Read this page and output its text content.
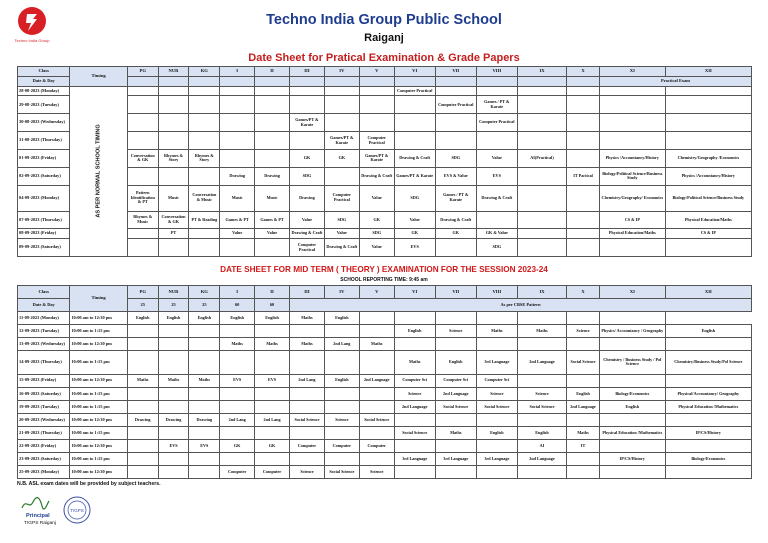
Techno India Group
Techno India Group Public School
Raiganj
Date Sheet for Pratical Examination & Grade Papers
Class	Timing	PG	NUR	KG	I	II	III	IV	V	VI	VII	VIII	IX	X	XI	XII
Date & Day															Practical Exam	
28-08-2023 (Monday)	AS PER NORMAL SCHOOL TIMING									Computer Practical						
29-08-2023 (Tuesday)											Computer Practical	Games / PT & Karate				
30-08-2023 (Wednesday)							Games/PT & Karate					Computer Practical				
31-08-2023 (Thursday)								Games/PT & Karate	Computer Practical							
01-09-2023 (Friday)		Conversation & GK	Rhymes & Story	Rhymes & Story			GK	GK	Games/PT & Karate	Drawing & Craft	SDG	Value	AI(Practical)		Physics /Accountancy/History	Chemistry/Geography /Economics
02-09-2023 (Saturday)					Drawing	Drawing	SDG		Drawing & Craft	Games/PT & Karate	EVS & Value	EVS		IT Pactical	Biology/Political Science/Business Study	Physics /Accountancy/History
04-09-2023 (Monday)		Pattern Identification & PT	Music	Conversation & Music	Music	Music	Drawing	Computer Practical	Value	SDG	Games / PT & Karate	Drawing & Craft			Chemistry/Geography/ Economics	Biology/Political Science/Business Study
07-09-2023 (Thursday)		Rhymes & Music	Conversation & GK	PT & Reading	Games & PT	Games & PT	Value	SDG	GK	Value	Drawing & Craft				CS & IP	Physical Education/Maths
08-09-2023 (Friday)			PT		Value	Value	Drawing & Craft	Value	SDG	GK	GK	GK & Value			Physical Education/Maths	CS & IP
09-09-2023 (Saturday)							Computer Practical	Drawing & Craft	Value	EVS		SDG				
DATE SHEET FOR MID TERM ( THEORY ) EXAMINATION FOR THE SESSION 2023-24
SCHOOL REPORTING TIME: 9:45 am
Class	Timing	PG	NUR	KG	I	II	III	IV	V	VI	VII	VIII	IX	X	XI	XII
Date & Day		25	25	25	60	60	As per CBSE Pattern									
11-09-2023 (Monday)	10:00 am to 12:30 pm	English	English	English	English	English	Maths	English								
12-09-2023 (Tuesday)	10:00 am to 1:15 pm									English	Science	Maths	Maths	Science	Physics/ Accountancy / Geography	English
13-09-2023 (Wednesday)	10:00 am to 12:30 pm				Maths	Maths	Maths	2nd Lang	Maths							
14-09-2023 (Thursday)	10:00 am to 1:15 pm									Maths	English	3rd Language	2nd Language	Social Science	Chemistry / Business Study / Pol Science	Chemistry/Business Study/Pol Science
15-09-2023 (Friday)	10:00 am to 12:30 pm	Maths	Maths	Maths	EVS	EVS	2nd Lang	English	2nd Language	Computer Sci	Computer Sci	Computer Sci				
16-09-2023 (Saturday)	10:00 am to 1:15 pm									Science	2nd Language	Science	Science	English	Biology/Economics	Physical/Accountancy/ Geography
19-09-2023 (Tuesday)	10:00 am to 1:15 pm									2nd Language	Social Science	Social Science	Social Science	2nd Language	English	Physical Education /Mathematics
20-09-2023 (Wednesday)	10:00 am to 12:30 pm	Drawing	Drawing	Drawing	2nd Lang	2nd Lang	Social Science	Science	Social Science							
21-09-2023 (Thursday)	10:00 am to 1:15 pm									Social Science	Maths	English	English	Maths	Physical Education /Mathematics	IP/CS/History
22-09-2023 (Friday)	10:00 am to 12:30 pm		EVS	EVS	GK	GK	Computer	Computer	Computer				AI	IT		
23-09-2023 (Saturday)	10:00 am to 1:15 pm									3rd Language	3rd Language	3rd Language	2nd Language		IP/CS/History	Biology/Economics
25-09-2023 (Monday)	10:00 am to 12:30 pm				Computer	Computer	Science	Social Science	Science							
N.B. ASL exam dates will be provided by subject teachers.
Principal
TIGPS Raiganj
TIGPS
